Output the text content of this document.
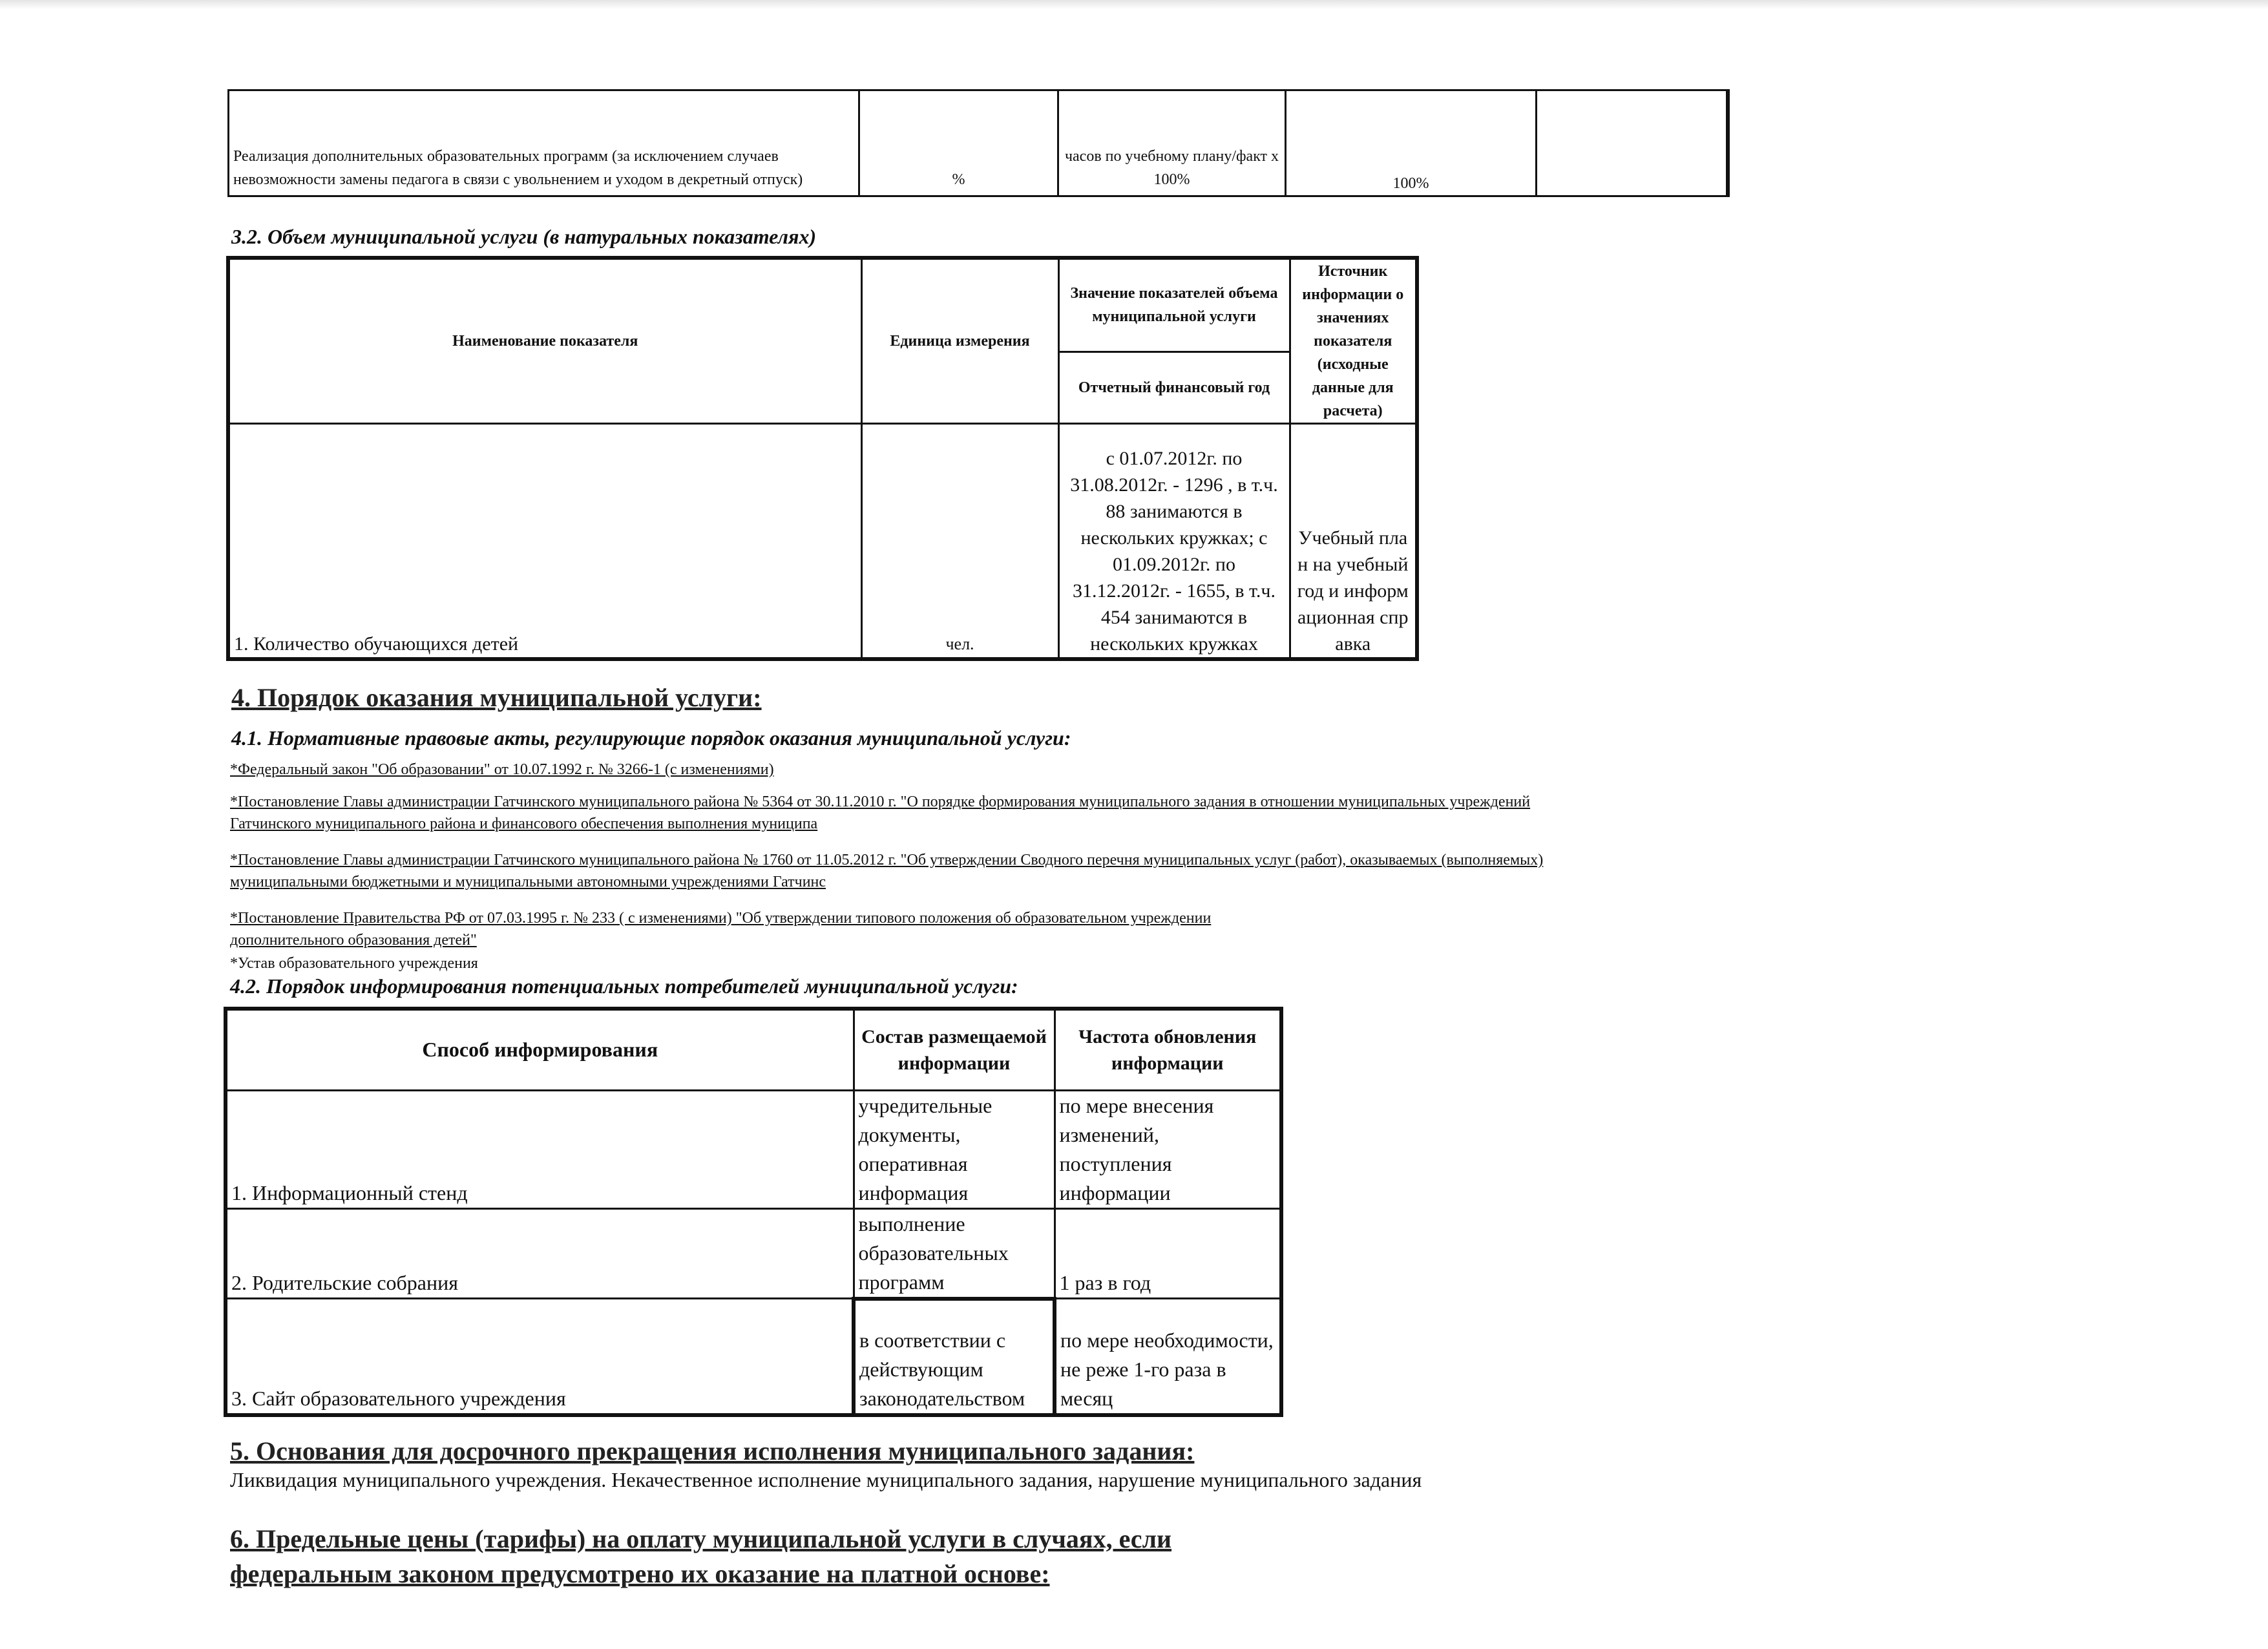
Реализация дополнительных образовательных программ (за исключением случаев невозможности замены педагога в связи с увольнением и уходом в декретный отпуск)	%	часов по учебному плану/факт х 100%	100%	
3.2. Объем муниципальной услуги (в натуральных показателях)
Наименование показателя	Единица измерения	Значение показателей объема муниципальной услуги	Источник информации о значениях показателя (исходные данные для расчета)
		Отчетный финансовый год	
1. Количество обучающихся детей	чел.	с 01.07.2012г. по 31.08.2012г. - 1296 , в т.ч. 88 занимаются в нескольких кружках; с 01.09.2012г. по 31.12.2012г. - 1655, в т.ч. 454 занимаются в нескольких кружках	Учебный план на учебный год и информационная справка
4. Порядок оказания муниципальной услуги:
4.1. Нормативные правовые акты, регулирующие порядок оказания муниципальной услуги:
*Федеральный закон "Об образовании" от 10.07.1992 г. № 3266-1 (с изменениями)
*Постановление Главы администрации Гатчинского муниципального района № 5364 от 30.11.2010 г. "О порядке формирования муниципального задания в отношении муниципальных учреждений
Гатчинского муниципального района и финансового обеспечения выполнения муниципа
*Постановление Главы администрации Гатчинского муниципального района № 1760 от 11.05.2012 г. "Об утверждении Сводного перечня муниципальных услуг (работ), оказываемых (выполняемых)
муниципальными бюджетными и муниципальными автономными учреждениями Гатчинс
*Постановление Правительства РФ от 07.03.1995 г. № 233 ( с изменениями) "Об утверждении типового положения об образовательном учреждении
дополнительного образования детей"
*Устав образовательного учреждения
4.2. Порядок информирования потенциальных потребителей муниципальной услуги:
Способ информирования	Состав размещаемой информации	Частота обновления информации
1. Информационный стенд	учредительные документы, оперативная информация	по мере внесения изменений, поступления информации
2. Родительские собрания	выполнение образовательных программ	1 раз в год
3. Сайт образовательного учреждения	в соответствии с действующим законодательством	по мере необходимости, не реже 1-го раза в месяц
5. Основания для досрочного прекращения исполнения муниципального задания:
Ликвидация муниципального учреждения. Некачественное исполнение муниципального задания, нарушение муниципального задания
6. Предельные цены (тарифы) на оплату муниципальной услуги в случаях, если
федеральным законом предусмотрено их оказание на платной основе:
